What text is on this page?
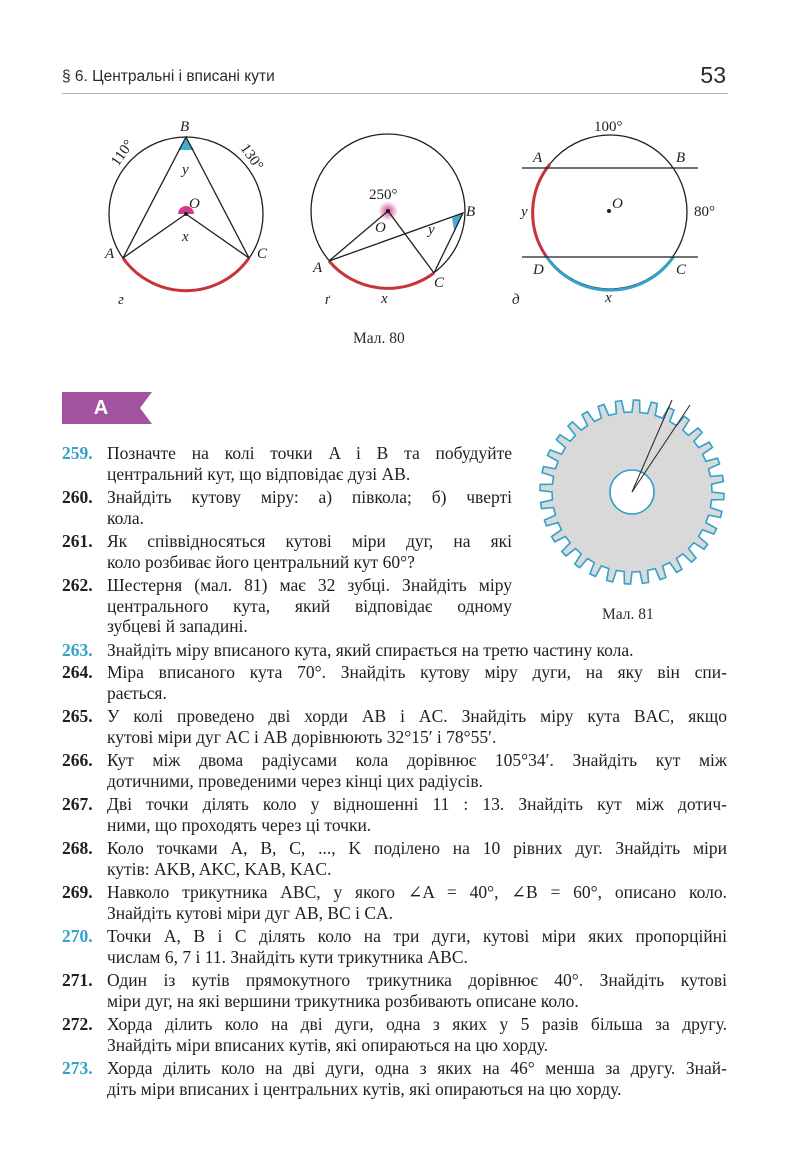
§ 6. Центральні і вписані кути	53
B
A	C
O
y
x
110°	130°
г
250°
O
B
A
C
y
x
ґ
100°
80°
A	B
D	C
O
y
x
д
Мал. 80
А
Мал. 81
259. Позначте на колі точки A і B та побудуйте
центральний кут, що відповідає дузі AB.
260. Знайдіть кутову міру: а) півкола; б) чверті
кола.
261. Як співвідносяться кутові міри дуг, на які
коло розбиває його центральний кут 60°?
262. Шестерня (мал. 81) має 32 зубці. Знайдіть міру
центрального кута, який відповідає одному
зубцеві й западині.
263. Знайдіть міру вписаного кута, який спирається на третю частину кола.
264. Міра вписаного кута 70°. Знайдіть кутову міру дуги, на яку він спи-
рається.
265. У колі проведено дві хорди AB і AC. Знайдіть міру кута BAC, якщо
кутові міри дуг AC і AB дорівнюють 32°15′ і 78°55′.
266. Кут між двома радіусами кола дорівнює 105°34′. Знайдіть кут між
дотичними, проведеними через кінці цих радіусів.
267. Дві точки ділять коло у відношенні 11 : 13. Знайдіть кут між дотич-
ними, що проходять через ці точки.
268. Коло точками A, B, C, ..., K поділено на 10 рівних дуг. Знайдіть міри
кутів: AKB, AKC, KAB, KAC.
269. Навколо трикутника ABC, у якого ∠A = 40°, ∠B = 60°, описано коло.
Знайдіть кутові міри дуг AB, BC і CA.
270. Точки A, B і C ділять коло на три дуги, кутові міри яких пропорційні
числам 6, 7 і 11. Знайдіть кути трикутника ABC.
271. Один із кутів прямокутного трикутника дорівнює 40°. Знайдіть кутові
міри дуг, на які вершини трикутника розбивають описане коло.
272. Хорда ділить коло на дві дуги, одна з яких у 5 разів більша за другу.
Знайдіть міри вписаних кутів, які опираються на цю хорду.
273. Хорда ділить коло на дві дуги, одна з яких на 46° менша за другу. Знай-
діть міри вписаних і центральних кутів, які опираються на цю хорду.
